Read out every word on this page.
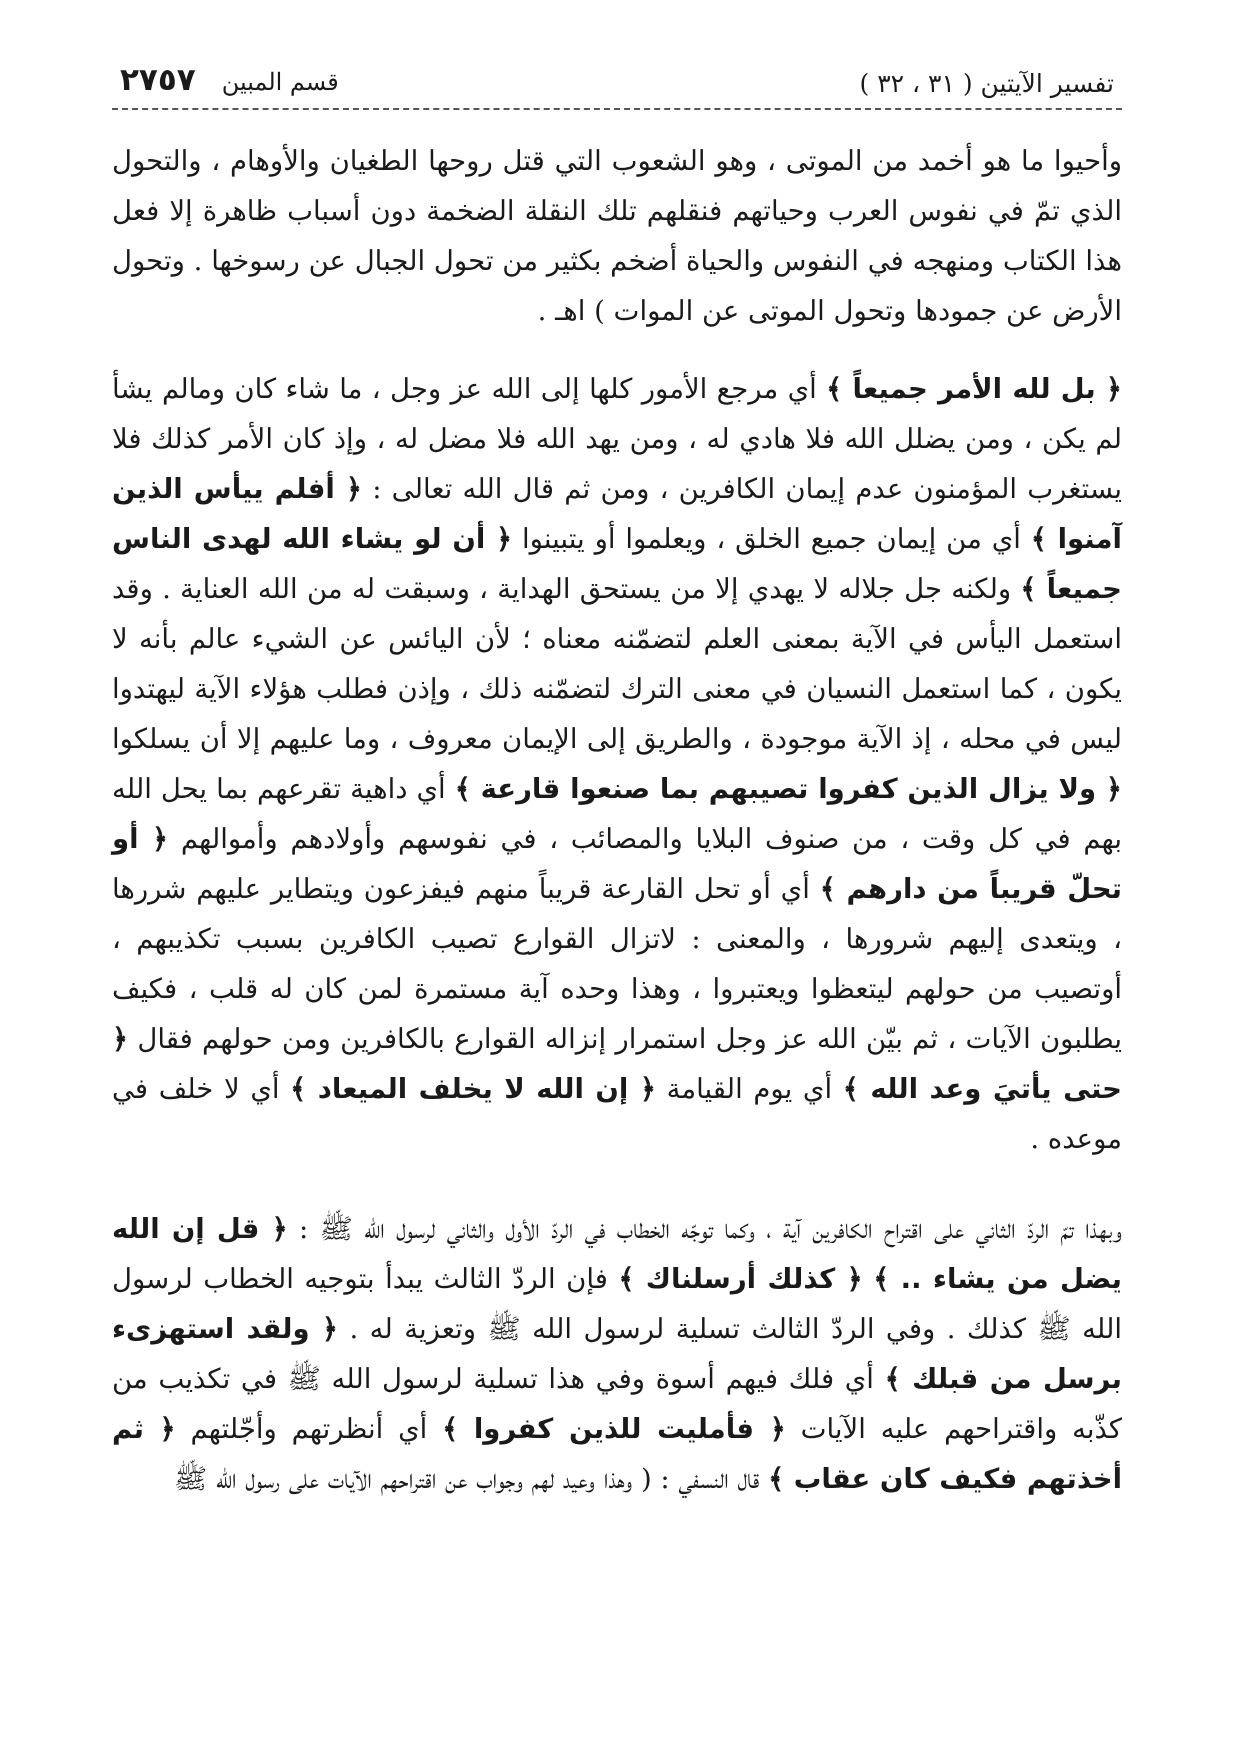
قسم المبين
٢٧٥٧	تفسير الآيتين ( ٣١ ، ٣٢ )

وأحيوا ما هو أخمد من الموتى ، وهو الشعوب التي قتل روحها الطغيان والأوهام ، والتحول الذي تمّ في نفوس العرب وحياتهم فنقلهم تلك النقلة الضخمة دون أسباب ظاهرة إلا فعل هذا الكتاب ومنهجه في النفوس والحياة أضخم بكثير من تحول الجبال عن رسوخها . وتحول الأرض عن جمودها وتحول الموتى عن الموات ) اهـ .

﴿ بل لله الأمر جميعاً ﴾ أي مرجع الأمور كلها إلى الله عز وجل ، ما شاء كان ومالم يشأ لم يكن ، ومن يضلل الله فلا هادي له ، ومن يهد الله فلا مضل له ، وإذ كان الأمر كذلك فلا يستغرب المؤمنون عدم إيمان الكافرين ، ومن ثم قال الله تعالى : ﴿ أفلم ييأس الذين آمنوا ﴾ أي من إيمان جميع الخلق ، ويعلموا أو يتبينوا ﴿ أن لو يشاء الله لهدى الناس جميعاً ﴾ ولكنه جل جلاله لا يهدي إلا من يستحق الهداية ، وسبقت له من الله العناية . وقد استعمل اليأس في الآية بمعنى العلم لتضمّنه معناه ؛ لأن اليائس عن الشيء عالم بأنه لا يكون ، كما استعمل النسيان في معنى الترك لتضمّنه ذلك ، وإذن فطلب هؤلاء الآية ليهتدوا ليس في محله ، إذ الآية موجودة ، والطريق إلى الإيمان معروف ، وما عليهم إلا أن يسلكوا ﴿ ولا يزال الذين كفروا تصيبهم بما صنعوا قارعة ﴾ أي داهية تقرعهم بما يحل الله بهم في كل وقت ، من صنوف البلايا والمصائب ، في نفوسهم وأولادهم وأموالهم ﴿ أو تحلّ قريباً من دارهم ﴾ أي أو تحل القارعة قريباً منهم فيفزعون ويتطاير عليهم شررها ، ويتعدى إليهم شرورها ، والمعنى : لاتزال القوارع تصيب الكافرين بسبب تكذيبهم ، أوتصيب من حولهم ليتعظوا ويعتبروا ، وهذا وحده آية مستمرة لمن كان له قلب ، فكيف يطلبون الآيات ، ثم بيّن الله عز وجل استمرار إنزاله القوارع بالكافرين ومن حولهم فقال ﴿ حتى يأتيَ وعد الله ﴾ أي يوم القيامة ﴿ إن الله لا يخلف الميعاد ﴾ أي لا خلف في موعده .

وبهذا تمّ الردّ الثاني على اقتراح الكافرين آية ، وكما توجّه الخطاب في الردّ الأول والثاني لرسول الله ﷺ : ﴿ قل إن الله يضل من يشاء .. ﴾ ﴿ كذلك أرسلناك ﴾ فإن الردّ الثالث يبدأ بتوجيه الخطاب لرسول الله ﷺ كذلك . وفي الردّ الثالث تسلية لرسول الله ﷺ وتعزية له . ﴿ ولقد استهزىء برسل من قبلك ﴾ أي فلك فيهم أسوة وفي هذا تسلية لرسول الله ﷺ في تكذيب من كذّبه واقتراحهم عليه الآيات ﴿ فأمليت للذين كفروا ﴾ أي أنظرتهم وأجّلتهم ﴿ ثم أخذتهم فكيف كان عقاب ﴾ قال النسفي : ( وهذا وعيد لهم وجواب عن اقتراحهم الآيات على رسول الله ﷺ
